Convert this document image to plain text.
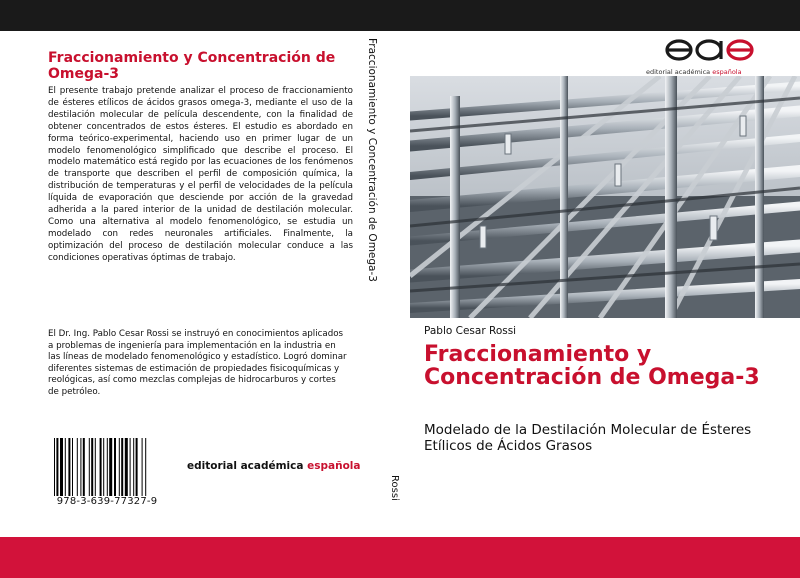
Fraccionamiento y Concentración de Omega-3
El presente trabajo pretende analizar el proceso de fraccionamiento de ésteres etílicos de ácidos grasos omega-3, mediante el uso de la destilación molecular de película descendente, con la finalidad de obtener concentrados de estos ésteres. El estudio es abordado en forma teórico-experimental, haciendo uso en primer lugar de un modelo fenomenológico simplificado que describe el proceso. El modelo matemático está regido por las ecuaciones de los fenómenos de transporte que describen el perfil de composición química, la distribución de temperaturas y el perfil de velocidades de la película líquida de evaporación que desciende por acción de la gravedad adherida a la pared interior de la unidad de destilación molecular. Como una alternativa al modelo fenomenológico, se estudia un modelado con redes neuronales artificiales. Finalmente, la optimización del proceso de destilación molecular conduce a las condiciones operativas óptimas de trabajo.
El Dr. Ing. Pablo Cesar Rossi se instruyó en conocimientos aplicados a problemas de ingeniería para implementación en la industria en las líneas de modelado fenomenológico y estadístico. Logró dominar diferentes sistemas de estimación de propiedades fisicoquímicas y reológicas, así como mezclas complejas de hidrocarburos y cortes de petróleo.
978-3-639-77327-9
editorial académica española
Fraccionamiento y Concentración de Omega-3
Rossi
editorial académica española
Pablo Cesar Rossi
Fraccionamiento y Concentración de Omega-3
Modelado de la Destilación Molecular de Ésteres Etílicos de Ácidos Grasos
